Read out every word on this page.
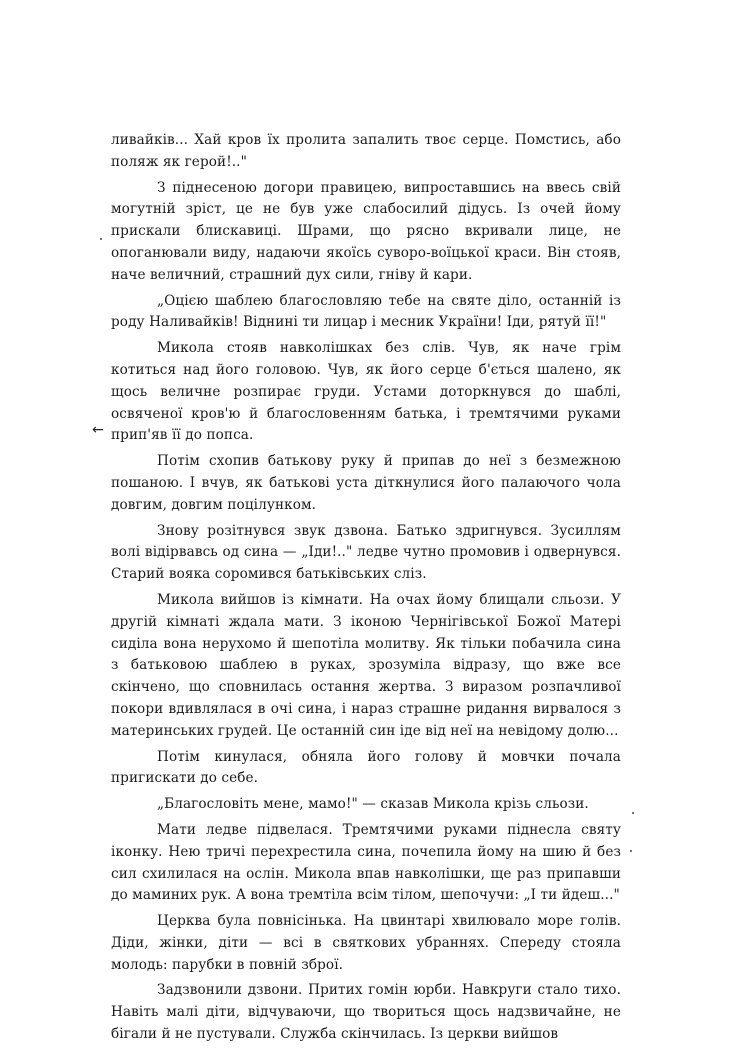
ливайків... Хай кров їх пролита запалить твоє серце. Помстись, або поляж як герой!.."

З піднесеною догори правицею, випроставшись на ввесь свій могутній зріст, це не був уже слабосилий дідусь. Із очей йому прискали блискавиці. Шрами, що рясно вкривали лице, не опоганювали виду, надаючи якоїсь суворо-воїцької краси. Він стояв, наче величний, страшний дух сили, гніву й кари.

„Оцією шаблею благословляю тебе на святе діло, останній із роду Наливайків! Віднині ти лицар і месник України! Іди, рятуй її!"

Микола стояв навколішках без слів. Чув, як наче грім котиться над його головою. Чув, як його серце б'ється шалено, як щось величне розпирає груди. Устами доторкнувся до шаблі, освяченої кров'ю й благословенням батька, і тремтячими руками прип'яв її до попса.

Потім схопив батькову руку й припав до неї з безмежною пошаною. І вчув, як батькові уста діткнулися його палаючого чола довгим, довгим поцілунком.

Знову розітнувся звук дзвона. Батько здригнувся. Зусиллям волі відірвавсь од сина — „Іди!.." ледве чутно промовив і одвернувся. Старий вояка соромився батьківських сліз.

Микола вийшов із кімнати. На очах йому блищали сльози. У другій кімнаті ждала мати. З іконою Чернігівської Божої Матері сиділа вона нерухомо й шепотіла молитву. Як тільки побачила сина з батьковою шаблею в руках, зрозуміла відразу, що вже все скінчено, що сповнилась остання жертва. З виразом розпачливої покори вдивлялася в очі сина, і нараз страшне ридання вирвалося з материнських грудей. Це останній син іде від неї на невідому долю...

Потім кинулася, обняла його голову й мовчки почала пригискати до себе.

„Благословіть мене, мамо!" — сказав Микола крізь сльози.

Мати ледве підвелася. Тремтячими руками піднесла святу іконку. Нею тричі перехрестила сина, почепила йому на шию й без сил схилилася на ослін. Микола впав навколішки, ще раз припавши до маминих рук. А вона тремтіла всім тілом, шепочучи: „І ти йдеш..."

Церква була повнісінька. На цвинтарі хвилювало море голів. Діди, жінки, діти — всі в святкових убраннях. Спереду стояла молодь: парубки в повній зброї.

Задзвонили дзвони. Притих гомін юрби. Навкруги стало тихо. Навіть малі діти, відчуваючи, що твориться щось надзвичайне, не бігали й не пустували. Служба скінчилась. Із церкви вийшов

←
